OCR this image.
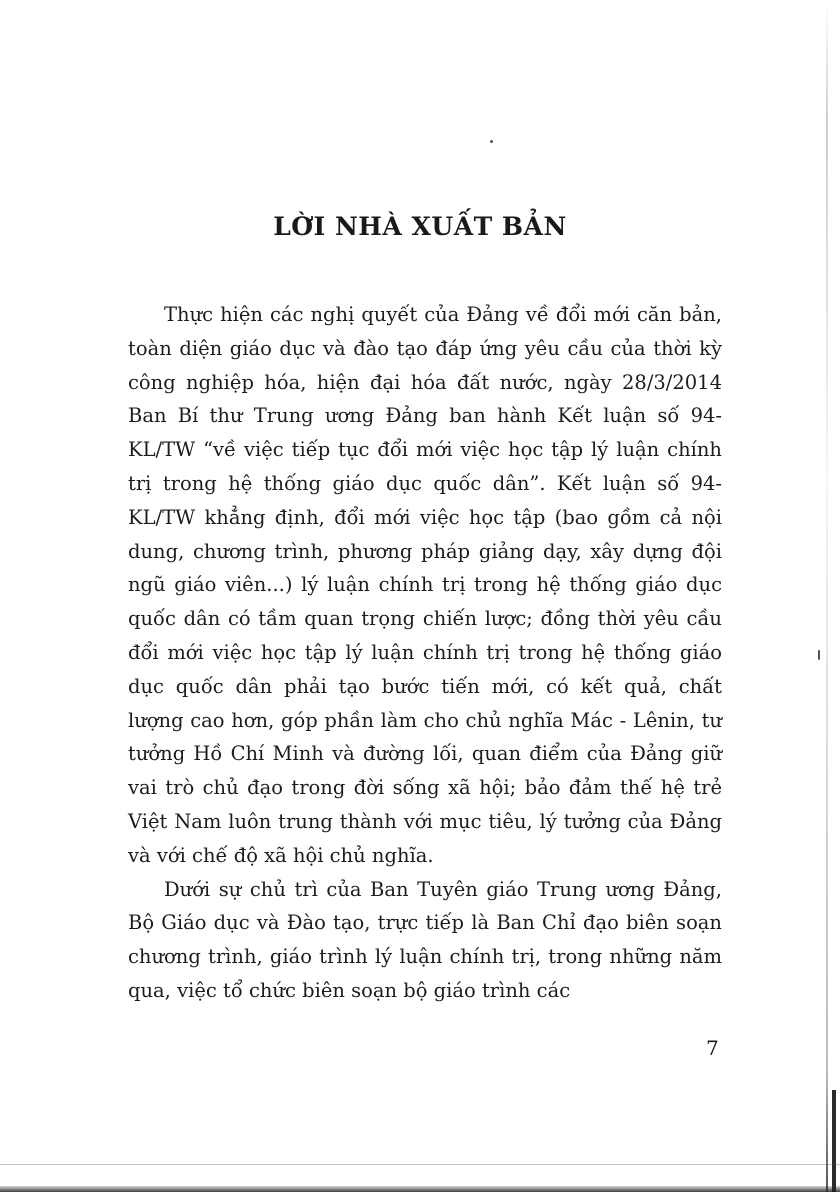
LỜI NHÀ XUẤT BẢN

Thực hiện các nghị quyết của Đảng về đổi mới căn bản, toàn diện giáo dục và đào tạo đáp ứng yêu cầu của thời kỳ công nghiệp hóa, hiện đại hóa đất nước, ngày 28/3/2014 Ban Bí thư Trung ương Đảng ban hành Kết luận số 94-KL/TW “về việc tiếp tục đổi mới việc học tập lý luận chính trị trong hệ thống giáo dục quốc dân”. Kết luận số 94-KL/TW khẳng định, đổi mới việc học tập (bao gồm cả nội dung, chương trình, phương pháp giảng dạy, xây dựng đội ngũ giáo viên...) lý luận chính trị trong hệ thống giáo dục quốc dân có tầm quan trọng chiến lược; đồng thời yêu cầu đổi mới việc học tập lý luận chính trị trong hệ thống giáo dục quốc dân phải tạo bước tiến mới, có kết quả, chất lượng cao hơn, góp phần làm cho chủ nghĩa Mác - Lênin, tư tưởng Hồ Chí Minh và đường lối, quan điểm của Đảng giữ vai trò chủ đạo trong đời sống xã hội; bảo đảm thế hệ trẻ Việt Nam luôn trung thành với mục tiêu, lý tưởng của Đảng và với chế độ xã hội chủ nghĩa.

Dưới sự chủ trì của Ban Tuyên giáo Trung ương Đảng, Bộ Giáo dục và Đào tạo, trực tiếp là Ban Chỉ đạo biên soạn chương trình, giáo trình lý luận chính trị, trong những năm qua, việc tổ chức biên soạn bộ giáo trình các

7
